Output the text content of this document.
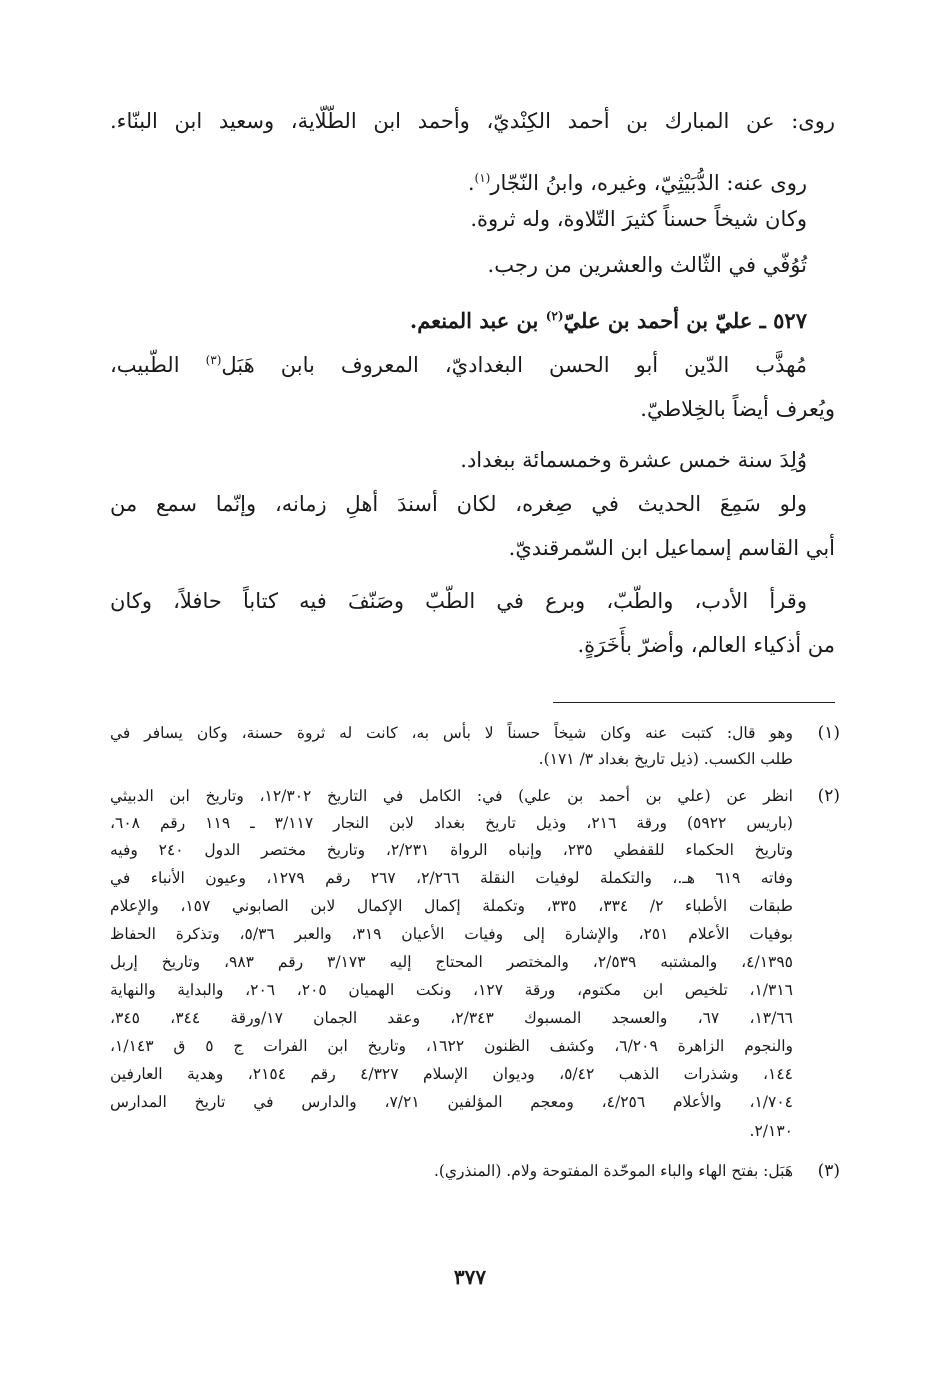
روى: عن المبارك بن أحمد الكِنْديّ، وأحمد ابن الطّلّاية، وسعيد ابن البنّاء.
روى عنه: الدُّبَيْثِيّ، وغيره، وابنُ النّجّار$^{(١)}$.
وكان شيخاً حسناً كثيرَ التّلاوة، وله ثروة.
تُوُفّي في الثّالث والعشرين من رجب.
٥٢٧ ـ عليّ بن أحمد بن عليّ$^{(٢)}$ بن عبد المنعم.
مُهذَّب الدّين أبو الحسن البغداديّ، المعروف بابن هَبَل$^{(٣)}$ الطّبيب،
ويُعرف أيضاً بالخِلاطيّ.
وُلِدَ سنة خمس عشرة وخمسمائة ببغداد.
ولو سَمِعَ الحديث في صِغره، لكان أسندَ أهلِ زمانه، وإنّما سمع من
أبي القاسم إسماعيل ابن السّمرقنديّ.
وقرأ الأدب، والطّبّ، وبرع في الطّبّ وصَنّفَ فيه كتاباً حافلاً، وكان
من أذكياء العالم، وأضرّ بأَخَرَةٍ.
(١)
وهو قال: كتبت عنه وكان شيخاً حسناً لا بأس به، كانت له ثروة حسنة، وكان يسافر في
طلب الكسب. (ذيل تاريخ بغداد ٣/ ١٧١).
(٢)
انظر عن (علي بن أحمد بن علي) في: الكامل في التاريخ ١٢/٣٠٢، وتاريخ ابن الدبيثي
(باريس ٥٩٢٢) ورقة ٢١٦، وذيل تاريخ بغداد لابن النجار ٣/١١٧ ـ ١١٩ رقم ٦٠٨،
وتاريخ الحكماء للقفطي ٢٣٥، وإنباه الرواة ٢/٢٣١، وتاريخ مختصر الدول ٢٤٠ وفيه
وفاته ٦١٩ هـ.، والتكملة لوفيات النقلة ٢/٢٦٦، ٢٦٧ رقم ١٢٧٩، وعيون الأنباء في
طبقات الأطباء ٢/ ٣٣٤، ٣٣٥، وتكملة إكمال الإكمال لابن الصابوني ١٥٧، والإعلام
بوفيات الأعلام ٢٥١، والإشارة إلى وفيات الأعيان ٣١٩، والعبر ٥/٣٦، وتذكرة الحفاظ
٤/١٣٩٥، والمشتبه ٢/٥٣٩، والمختصر المحتاج إليه ٣/١٧٣ رقم ٩٨٣، وتاريخ إربل
١/٣١٦، تلخيص ابن مكتوم، ورقة ١٢٧، ونكت الهميان ٢٠٥، ٢٠٦، والبداية والنهاية
١٣/٦٦، ٦٧، والعسجد المسبوك ٢/٣٤٣، وعقد الجمان ١٧/ورقة ٣٤٤، ٣٤٥،
والنجوم الزاهرة ٦/٢٠٩، وكشف الظنون ١٦٢٢، وتاريخ ابن الفرات ج ٥ ق ١/١٤٣،
١٤٤، وشذرات الذهب ٥/٤٢، وديوان الإسلام ٤/٣٢٧ رقم ٢١٥٤، وهدية العارفين
١/٧٠٤، والأعلام ٤/٢٥٦، ومعجم المؤلفين ٧/٢١، والدارس في تاريخ المدارس
٢/١٣٠.
(٣)
هَبَل: بفتح الهاء والباء الموحّدة المفتوحة ولام. (المنذري).
٣٧٧
